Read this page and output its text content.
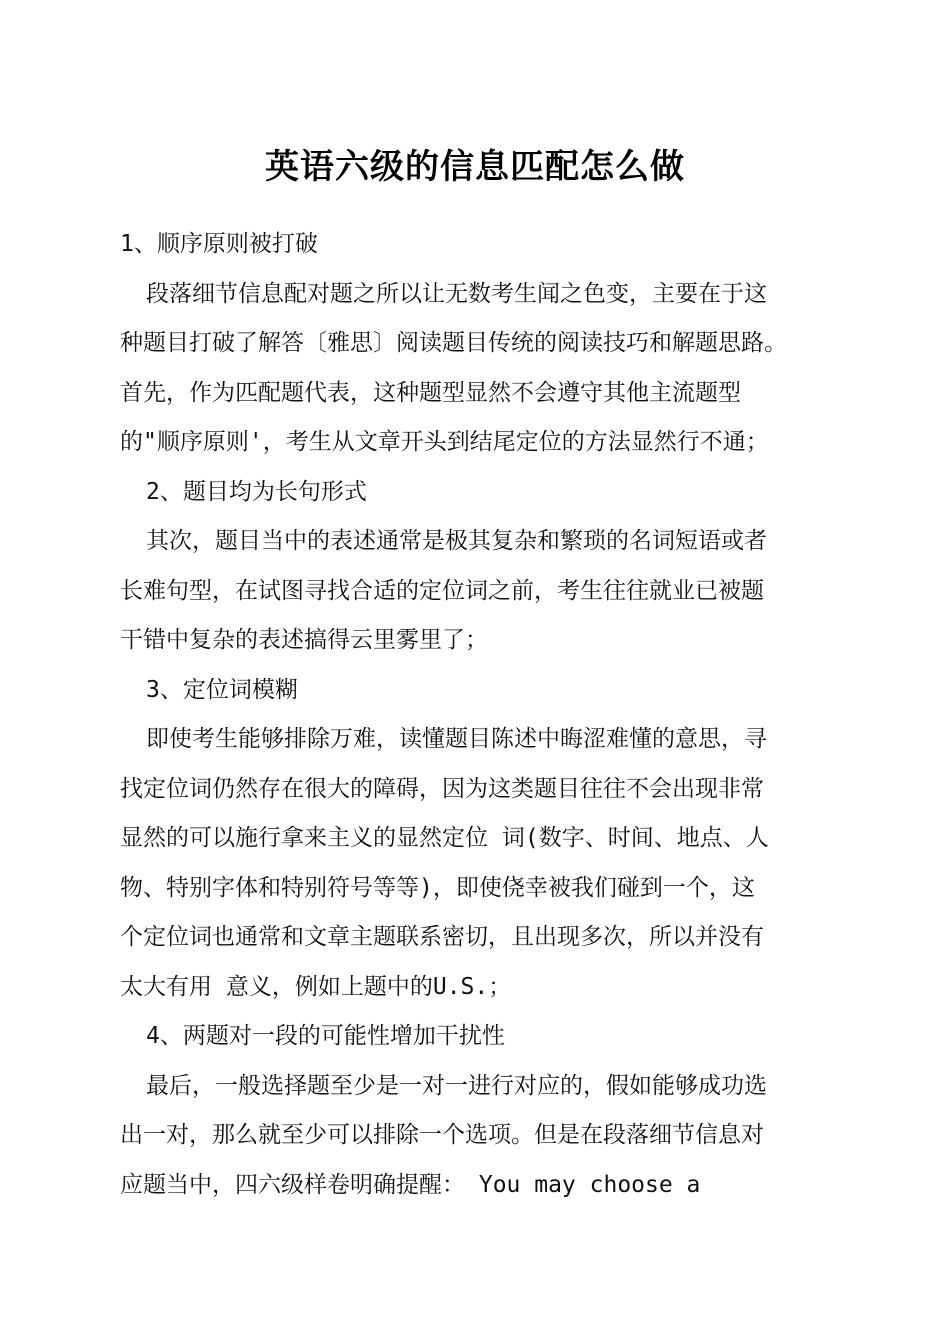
英语六级的信息匹配怎么做
1、顺序原则被打破
段落细节信息配对题之所以让无数考生闻之色变，主要在于这
种题目打破了解答〔雅思〕阅读题目传统的阅读技巧和解题思路。
首先，作为匹配题代表，这种题型显然不会遵守其他主流题型
的"顺序原则'，考生从文章开头到结尾定位的方法显然行不通；
2、题目均为长句形式
其次，题目当中的表述通常是极其复杂和繁琐的名词短语或者
长难句型，在试图寻找合适的定位词之前，考生往往就业已被题
干错中复杂的表述搞得云里雾里了；
3、定位词模糊
即使考生能够排除万难，读懂题目陈述中晦涩难懂的意思，寻
找定位词仍然存在很大的障碍，因为这类题目往往不会出现非常
显然的可以施行拿来主义的显然定位 词(数字、时间、地点、人
物、特别字体和特别符号等等)，即使侥幸被我们碰到一个，这
个定位词也通常和文章主题联系密切，且出现多次，所以并没有
太大有用 意义，例如上题中的U.S.；
4、两题对一段的可能性增加干扰性
最后，一般选择题至少是一对一进行对应的，假如能够成功选
出一对，那么就至少可以排除一个选项。但是在段落细节信息对
应题当中，四六级样卷明确提醒： You may choose a
